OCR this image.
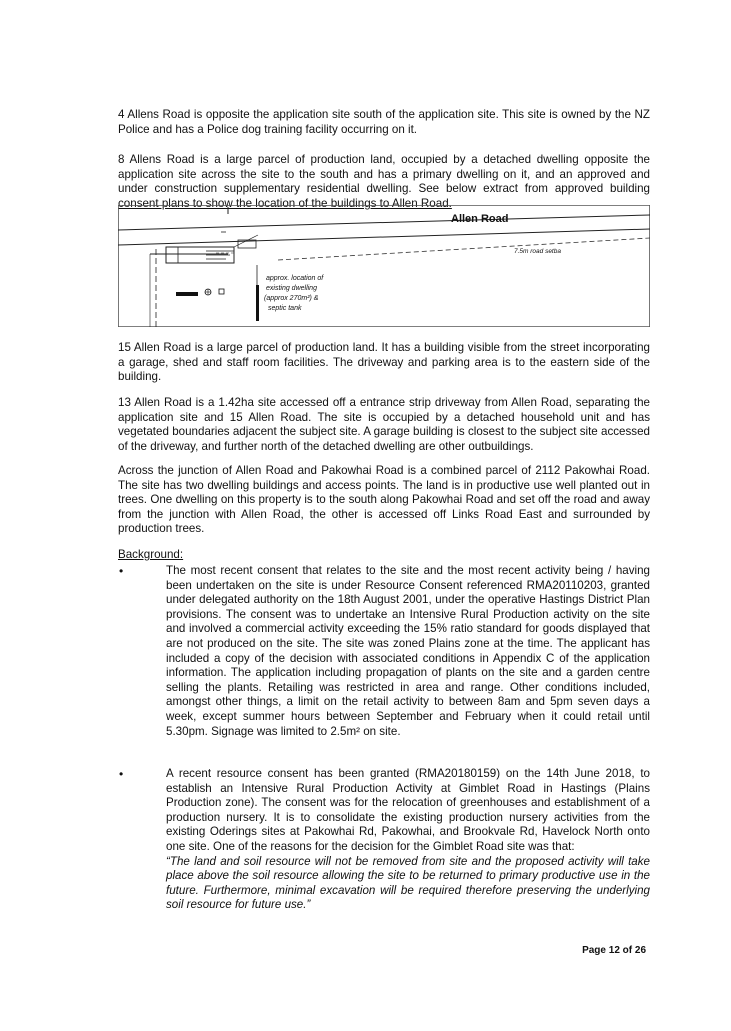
4 Allens Road is opposite the application site south of the application site. This site is owned by the NZ Police and has a Police dog training facility occurring on it.

8 Allens Road is a large parcel of production land, occupied by a detached dwelling opposite the application site across the site to the south and has a primary dwelling on it, and an approved and under construction supplementary residential dwelling. See below extract from approved building consent plans to show the location of the buildings to Allen Road.

Allen Road
7.5m road setba
approx. location of
existing dwelling
(approx 270m²) &
septic tank

15 Allen Road is a large parcel of production land. It has a building visible from the street incorporating a garage, shed and staff room facilities. The driveway and parking area is to the eastern side of the building.

13 Allen Road is a 1.42ha site accessed off a entrance strip driveway from Allen Road, separating the application site and 15 Allen Road. The site is occupied by a detached household unit and has vegetated boundaries adjacent the subject site. A garage building is closest to the subject site accessed of the driveway, and further north of the detached dwelling are other outbuildings.

Across the junction of Allen Road and Pakowhai Road is a combined parcel of 2112 Pakowhai Road. The site has two dwelling buildings and access points. The land is in productive use well planted out in trees. One dwelling on this property is to the south along Pakowhai Road and set off the road and away from the junction with Allen Road, the other is accessed off Links Road East and surrounded by production trees.

Background:

•	The most recent consent that relates to the site and the most recent activity being / having been undertaken on the site is under Resource Consent referenced RMA20110203, granted under delegated authority on the 18th August 2001, under the operative Hastings District Plan provisions. The consent was to undertake an Intensive Rural Production activity on the site and involved a commercial activity exceeding the 15% ratio standard for goods displayed that are not produced on the site. The site was zoned Plains zone at the time. The applicant has included a copy of the decision with associated conditions in Appendix C of the application information. The application including propagation of plants on the site and a garden centre selling the plants. Retailing was restricted in area and range. Other conditions included, amongst other things, a limit on the retail activity to between 8am and 5pm seven days a week, except summer hours between September and February when it could retail until 5.30pm. Signage was limited to 2.5m² on site.
•	A recent resource consent has been granted (RMA20180159) on the 14th June 2018, to establish an Intensive Rural Production Activity at Gimblet Road in Hastings (Plains Production zone). The consent was for the relocation of greenhouses and establishment of a production nursery. It is to consolidate the existing production nursery activities from the existing Oderings sites at Pakowhai Rd, Pakowhai, and Brookvale Rd, Havelock North onto one site. One of the reasons for the decision for the Gimblet Road site was that:
“The land and soil resource will not be removed from site and the proposed activity will take place above the soil resource allowing the site to be returned to primary productive use in the future. Furthermore, minimal excavation will be required therefore preserving the underlying soil resource for future use.”
Page 12 of 26
